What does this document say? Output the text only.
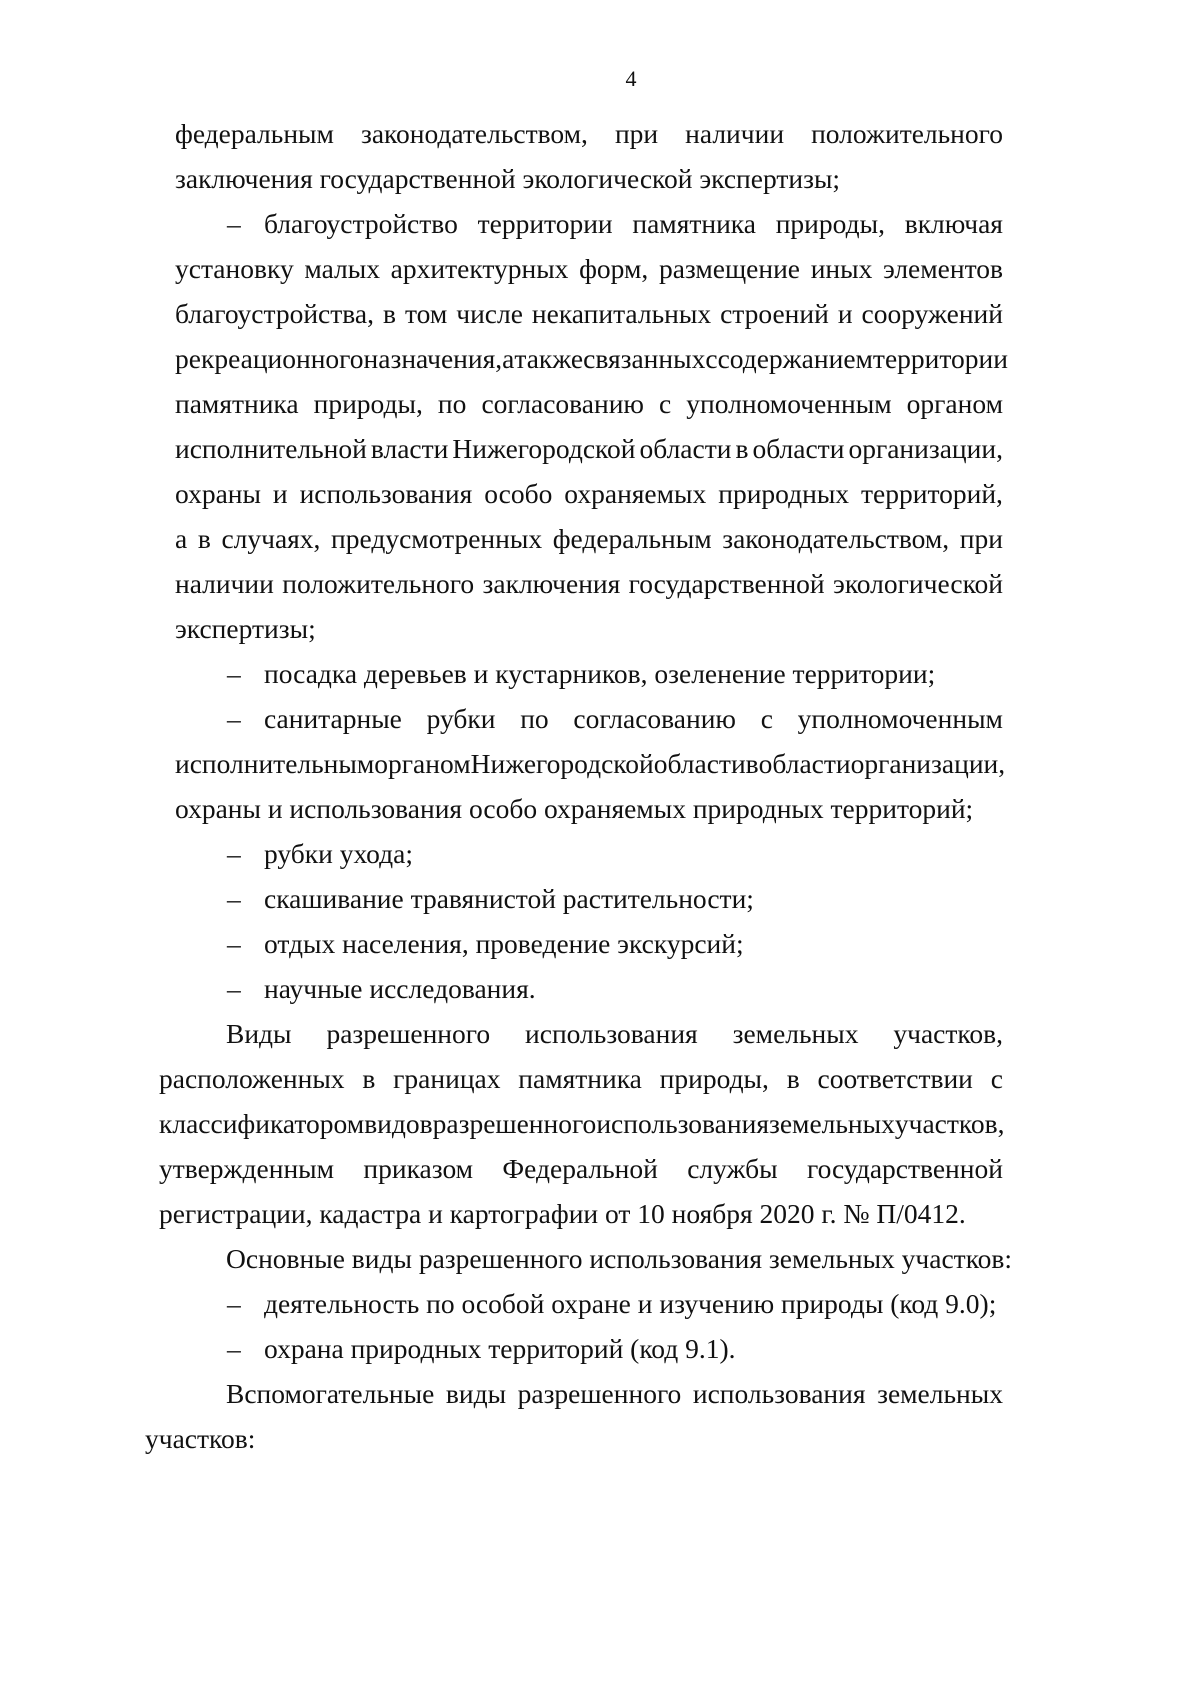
4
федеральным законодательством, при наличии положительного
заключения государственной экологической экспертизы;
– благоустройство территории памятника природы, включая
установку малых архитектурных форм, размещение иных элементов
благоустройства, в том числе некапитальных строений и сооружений
рекреационного назначения, а также связанных с содержанием территории
памятника природы, по согласованию с уполномоченным органом
исполнительной власти Нижегородской области в области организации,
охраны и использования особо охраняемых природных территорий,
а в случаях, предусмотренных федеральным законодательством, при
наличии положительного заключения государственной экологической
экспертизы;
– посадка деревьев и кустарников, озеленение территории;
– санитарные рубки по согласованию с уполномоченным
исполнительным органом Нижегородской области в области организации,
охраны и использования особо охраняемых природных территорий;
– рубки ухода;
– скашивание травянистой растительности;
– отдых населения, проведение экскурсий;
– научные исследования.
Виды разрешенного использования земельных участков,
расположенных в границах памятника природы, в соответствии с
классификатором видов разрешенного использования земельных участков,
утвержденным приказом Федеральной службы государственной
регистрации, кадастра и картографии от 10 ноября 2020 г. № П/0412.
Основные виды разрешенного использования земельных участков:
– деятельность по особой охране и изучению природы (код 9.0);
– охрана природных территорий (код 9.1).
Вспомогательные виды разрешенного использования земельных
участков:
